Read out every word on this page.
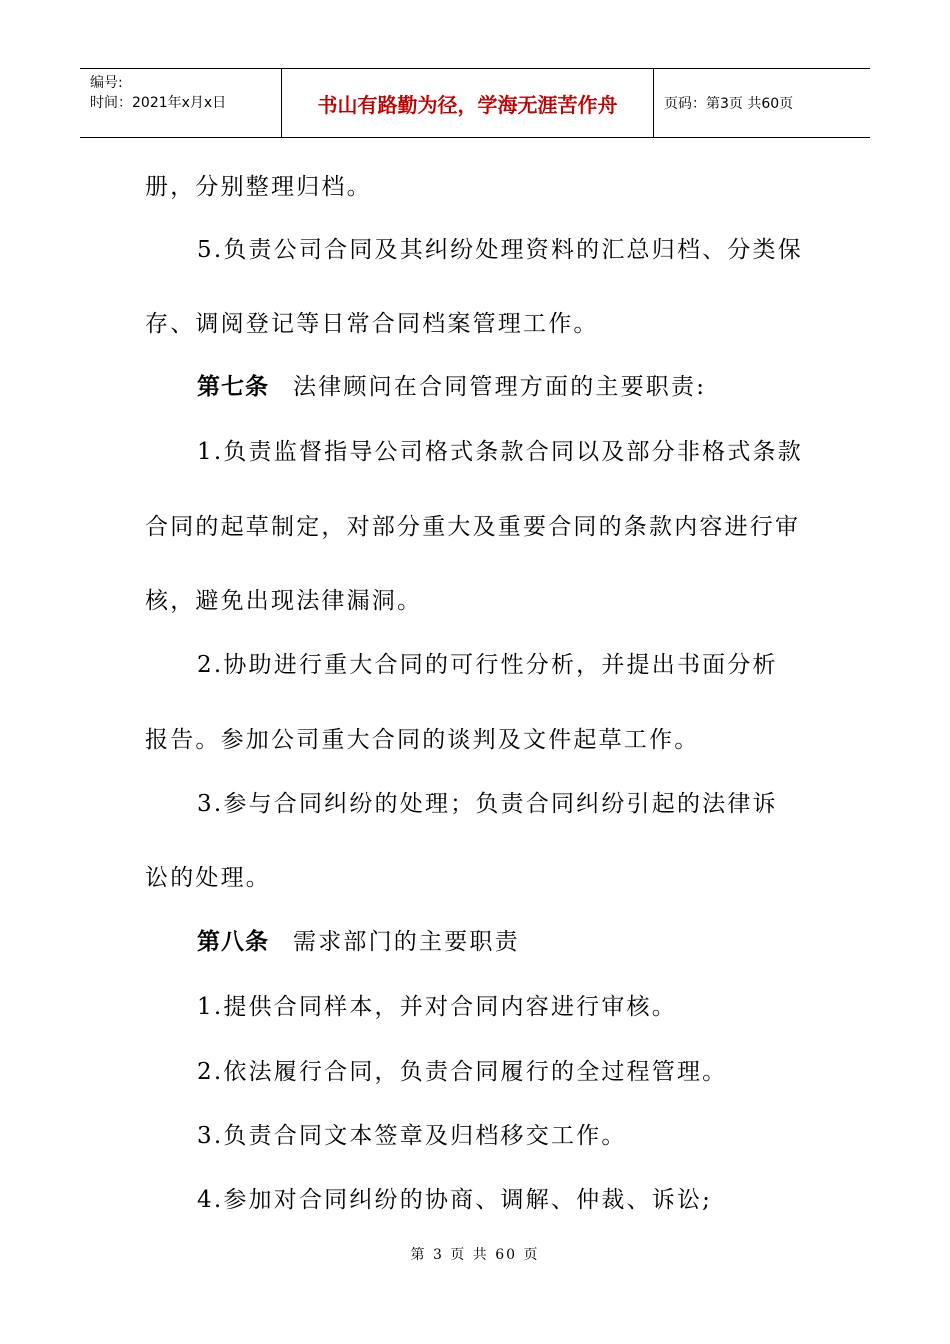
编号:
时间：2021年x月x日	书山有路勤为径，学海无涯苦作舟	页码：第3页 共60页
册，分别整理归档。
5.负责公司合同及其纠纷处理资料的汇总归档、分类保
存、调阅登记等日常合同档案管理工作。
第七条 法律顾问在合同管理方面的主要职责:
1.负责监督指导公司格式条款合同以及部分非格式条款
合同的起草制定，对部分重大及重要合同的条款内容进行审
核，避免出现法律漏洞。
2.协助进行重大合同的可行性分析，并提出书面分析
报告。参加公司重大合同的谈判及文件起草工作。
3.参与合同纠纷的处理；负责合同纠纷引起的法律诉
讼的处理。
第八条 需求部门的主要职责
1.提供合同样本，并对合同内容进行审核。
2.依法履行合同，负责合同履行的全过程管理。
3.负责合同文本签章及归档移交工作。
4.参加对合同纠纷的协商、调解、仲裁、诉讼;
第 3 页 共 60 页
